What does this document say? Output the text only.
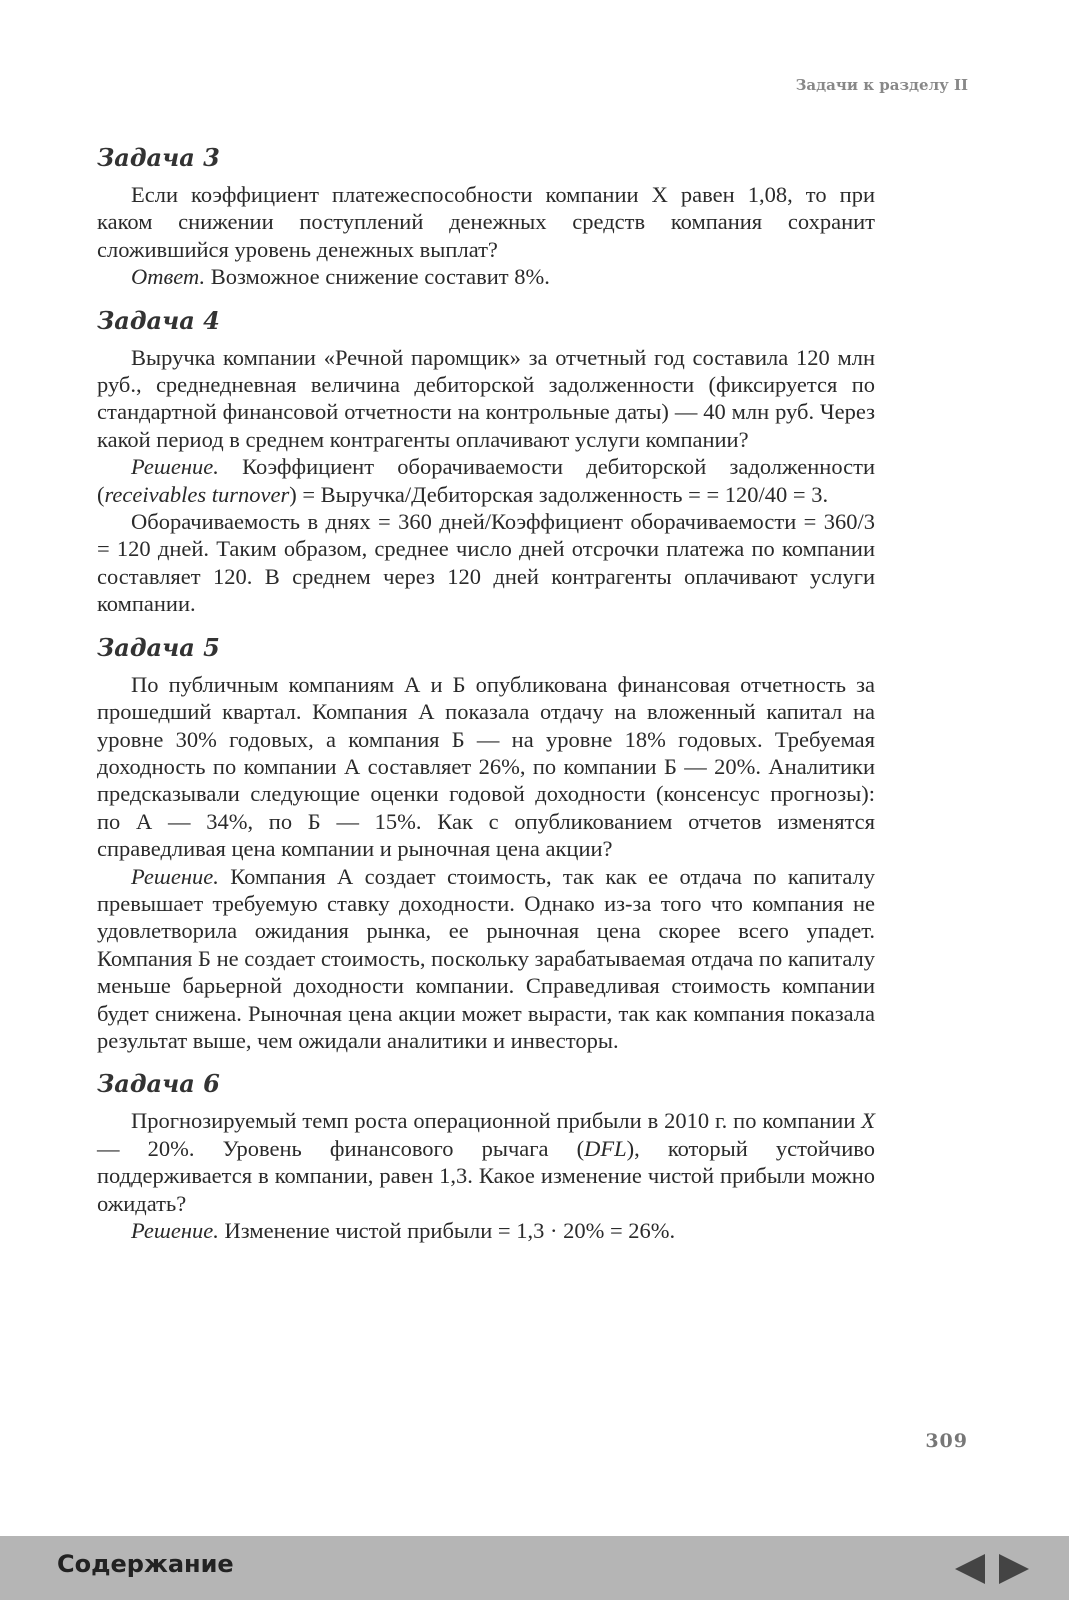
Задачи к разделу II
Задача 3

Если коэффициент платежеспособности компании X равен 1,08, то при каком снижении поступлений денежных средств компания сохранит сложившийся уровень денежных выплат?

Ответ. Возможное снижение составит 8%.

Задача 4

Выручка компании «Речной паромщик» за отчетный год составила 120 млн руб., среднедневная величина дебиторской задолженности (фиксируется по стандартной финансовой отчетности на контрольные даты) — 40 млн руб. Через какой период в среднем контрагенты оплачивают услуги компании?

Решение. Коэффициент оборачиваемости дебиторской задолженности (receivables turnover) = Выручка/Дебиторская задолженность = = 120/40 = 3.

Оборачиваемость в днях = 360 дней/Коэффициент оборачиваемости = 360/3 = 120 дней. Таким образом, среднее число дней отсрочки платежа по компании составляет 120. В среднем через 120 дней контрагенты оплачивают услуги компании.

Задача 5

По публичным компаниям А и Б опубликована финансовая отчетность за прошедший квартал. Компания А показала отдачу на вложенный капитал на уровне 30% годовых, а компания Б — на уровне 18% годовых. Требуемая доходность по компании А составляет 26%, по компании Б — 20%. Аналитики предсказывали следующие оценки годовой доходности (консенсус прогнозы): по А — 34%, по Б — 15%. Как с опубликованием отчетов изменятся справедливая цена компании и рыночная цена акции?

Решение. Компания А создает стоимость, так как ее отдача по капиталу превышает требуемую ставку доходности. Однако из-за того что компания не удовлетворила ожидания рынка, ее рыночная цена скорее всего упадет. Компания Б не создает стоимость, поскольку зарабатываемая отдача по капиталу меньше барьерной доходности компании. Справедливая стоимость компании будет снижена. Рыночная цена акции может вырасти, так как компания показала результат выше, чем ожидали аналитики и инвесторы.

Задача 6

Прогнозируемый темп роста операционной прибыли в 2010 г. по компании X — 20%. Уровень финансового рычага (DFL), который устойчиво поддерживается в компании, равен 1,3. Какое изменение чистой прибыли можно ожидать?

Решение. Изменение чистой прибыли = 1,3 · 20% = 26%.

309
Содержание
